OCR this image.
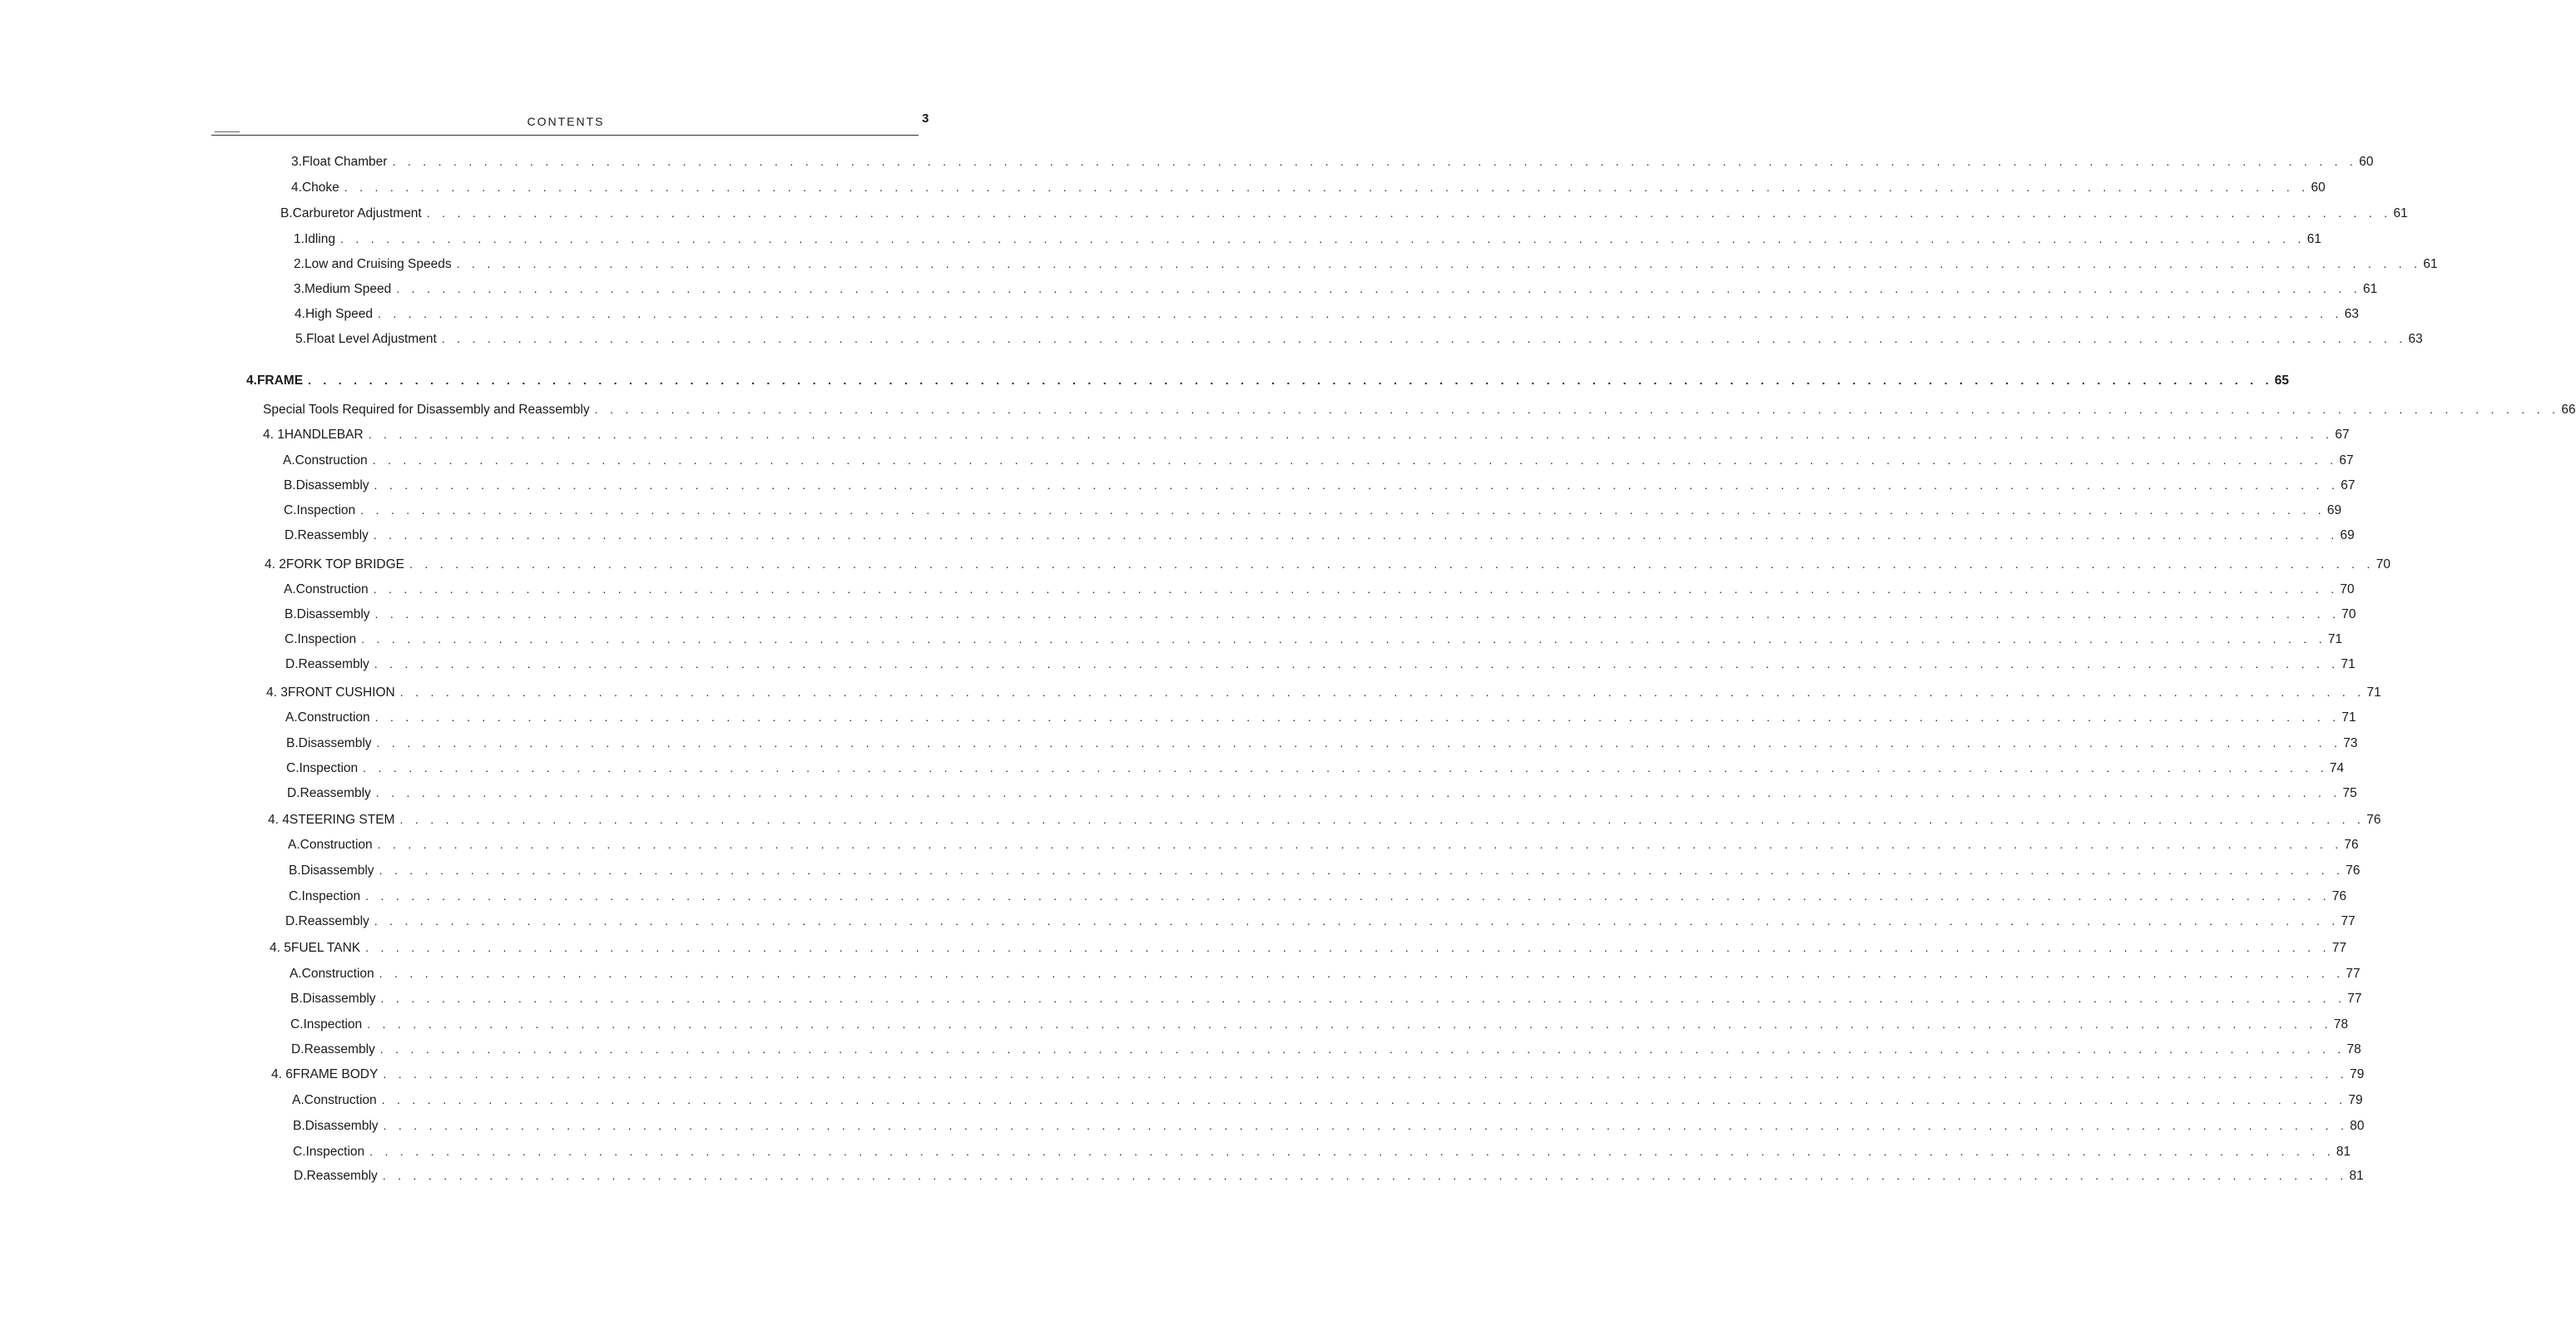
CONTENTS	3
3. Float Chamber . . . . . . . . . . . . . . . . . . . . . . . . . . . . . . . . . . . . . . . . . . . . . . . . . . . . . . . . . . . . . . . . . . . . . . . . . . . . . . . . . . . . . . . . . . . . . . . . . . . . . . . . . . . . . . . . . . . . . . . . . . . . . . . . . 60
4. Choke . . . . . . . . . . . . . . . . . . . . . . . . . . . . . . . . . . . . . . . . . . . . . . . . . . . . . . . . . . . . . . . . . . . . . . . . . . . . . . . . . . . . . . . . . . . . . . . . . . . . . . . . . . . . . . . . . . . . . . . . . . . . . . . . . 60
B. Carburetor Adjustment . . . . . . . . . . . . . . . . . . . . . . . . . . . . . . . . . . . . . . . . . . . . . . . . . . . . . . . . . . . . . . . . . . . . . . . . . . . . . . . . . . . . . . . . . . . . . . . . . . . . . . . . . . . . . . . . . . . . . . . . . . . . . . . . . 61
1. Idling . . . . . . . . . . . . . . . . . . . . . . . . . . . . . . . . . . . . . . . . . . . . . . . . . . . . . . . . . . . . . . . . . . . . . . . . . . . . . . . . . . . . . . . . . . . . . . . . . . . . . . . . . . . . . . . . . . . . . . . . . . . . . . . . . 61
2. Low and Cruising Speeds . . . . . . . . . . . . . . . . . . . . . . . . . . . . . . . . . . . . . . . . . . . . . . . . . . . . . . . . . . . . . . . . . . . . . . . . . . . . . . . . . . . . . . . . . . . . . . . . . . . . . . . . . . . . . . . . . . . . . . . . . . . . . . . . . 61
3. Medium Speed . . . . . . . . . . . . . . . . . . . . . . . . . . . . . . . . . . . . . . . . . . . . . . . . . . . . . . . . . . . . . . . . . . . . . . . . . . . . . . . . . . . . . . . . . . . . . . . . . . . . . . . . . . . . . . . . . . . . . . . . . . . . . . . . . 61
4. High Speed . . . . . . . . . . . . . . . . . . . . . . . . . . . . . . . . . . . . . . . . . . . . . . . . . . . . . . . . . . . . . . . . . . . . . . . . . . . . . . . . . . . . . . . . . . . . . . . . . . . . . . . . . . . . . . . . . . . . . . . . . . . . . . . . . 63
5. Float Level Adjustment . . . . . . . . . . . . . . . . . . . . . . . . . . . . . . . . . . . . . . . . . . . . . . . . . . . . . . . . . . . . . . . . . . . . . . . . . . . . . . . . . . . . . . . . . . . . . . . . . . . . . . . . . . . . . . . . . . . . . . . . . . . . . . . . . 63
4. FRAME . . . . . . . . . . . . . . . . . . . . . . . . . . . . . . . . . . . . . . . . . . . . . . . . . . . . . . . . . . . . . . . . . . . . . . . . . . . . . . . . . . . . . . . . . . . . . . . . . . . . . . . . . . . . . . . . . . . . . . . . . . . . . . . . . 65
Special Tools Required for Disassembly and Reassembly . . . . . . . . . . . . . . . . . . . . . . . . . . . . . . . . . . . . . . . . . . . . . . . . . . . . . . . . . . . . . . . . . . . . . . . . . . . . . . . . . . . . . . . . . . . . . . . . . . . . . . . . . . . . . . . . . . . . . . . . . . . . . . . . . 66
4. 1 HANDLEBAR . . . . . . . . . . . . . . . . . . . . . . . . . . . . . . . . . . . . . . . . . . . . . . . . . . . . . . . . . . . . . . . . . . . . . . . . . . . . . . . . . . . . . . . . . . . . . . . . . . . . . . . . . . . . . . . . . . . . . . . . . . . . . . . . . 67
A. Construction . . . . . . . . . . . . . . . . . . . . . . . . . . . . . . . . . . . . . . . . . . . . . . . . . . . . . . . . . . . . . . . . . . . . . . . . . . . . . . . . . . . . . . . . . . . . . . . . . . . . . . . . . . . . . . . . . . . . . . . . . . . . . . . . . 67
B. Disassembly . . . . . . . . . . . . . . . . . . . . . . . . . . . . . . . . . . . . . . . . . . . . . . . . . . . . . . . . . . . . . . . . . . . . . . . . . . . . . . . . . . . . . . . . . . . . . . . . . . . . . . . . . . . . . . . . . . . . . . . . . . . . . . . . . 67
C. Inspection . . . . . . . . . . . . . . . . . . . . . . . . . . . . . . . . . . . . . . . . . . . . . . . . . . . . . . . . . . . . . . . . . . . . . . . . . . . . . . . . . . . . . . . . . . . . . . . . . . . . . . . . . . . . . . . . . . . . . . . . . . . . . . . . . 69
D. Reassembly . . . . . . . . . . . . . . . . . . . . . . . . . . . . . . . . . . . . . . . . . . . . . . . . . . . . . . . . . . . . . . . . . . . . . . . . . . . . . . . . . . . . . . . . . . . . . . . . . . . . . . . . . . . . . . . . . . . . . . . . . . . . . . . . . 69
4. 2 FORK TOP BRIDGE . . . . . . . . . . . . . . . . . . . . . . . . . . . . . . . . . . . . . . . . . . . . . . . . . . . . . . . . . . . . . . . . . . . . . . . . . . . . . . . . . . . . . . . . . . . . . . . . . . . . . . . . . . . . . . . . . . . . . . . . . . . . . . . . . 70
A. Construction . . . . . . . . . . . . . . . . . . . . . . . . . . . . . . . . . . . . . . . . . . . . . . . . . . . . . . . . . . . . . . . . . . . . . . . . . . . . . . . . . . . . . . . . . . . . . . . . . . . . . . . . . . . . . . . . . . . . . . . . . . . . . . . . . 70
B. Disassembly . . . . . . . . . . . . . . . . . . . . . . . . . . . . . . . . . . . . . . . . . . . . . . . . . . . . . . . . . . . . . . . . . . . . . . . . . . . . . . . . . . . . . . . . . . . . . . . . . . . . . . . . . . . . . . . . . . . . . . . . . . . . . . . . . 70
C. Inspection . . . . . . . . . . . . . . . . . . . . . . . . . . . . . . . . . . . . . . . . . . . . . . . . . . . . . . . . . . . . . . . . . . . . . . . . . . . . . . . . . . . . . . . . . . . . . . . . . . . . . . . . . . . . . . . . . . . . . . . . . . . . . . . . . 71
D. Reassembly . . . . . . . . . . . . . . . . . . . . . . . . . . . . . . . . . . . . . . . . . . . . . . . . . . . . . . . . . . . . . . . . . . . . . . . . . . . . . . . . . . . . . . . . . . . . . . . . . . . . . . . . . . . . . . . . . . . . . . . . . . . . . . . . . 71
4. 3 FRONT CUSHION . . . . . . . . . . . . . . . . . . . . . . . . . . . . . . . . . . . . . . . . . . . . . . . . . . . . . . . . . . . . . . . . . . . . . . . . . . . . . . . . . . . . . . . . . . . . . . . . . . . . . . . . . . . . . . . . . . . . . . . . . . . . . . . . . 71
A. Construction . . . . . . . . . . . . . . . . . . . . . . . . . . . . . . . . . . . . . . . . . . . . . . . . . . . . . . . . . . . . . . . . . . . . . . . . . . . . . . . . . . . . . . . . . . . . . . . . . . . . . . . . . . . . . . . . . . . . . . . . . . . . . . . . . 71
B. Disassembly . . . . . . . . . . . . . . . . . . . . . . . . . . . . . . . . . . . . . . . . . . . . . . . . . . . . . . . . . . . . . . . . . . . . . . . . . . . . . . . . . . . . . . . . . . . . . . . . . . . . . . . . . . . . . . . . . . . . . . . . . . . . . . . . . 73
C. Inspection . . . . . . . . . . . . . . . . . . . . . . . . . . . . . . . . . . . . . . . . . . . . . . . . . . . . . . . . . . . . . . . . . . . . . . . . . . . . . . . . . . . . . . . . . . . . . . . . . . . . . . . . . . . . . . . . . . . . . . . . . . . . . . . . . 74
D. Reassembly . . . . . . . . . . . . . . . . . . . . . . . . . . . . . . . . . . . . . . . . . . . . . . . . . . . . . . . . . . . . . . . . . . . . . . . . . . . . . . . . . . . . . . . . . . . . . . . . . . . . . . . . . . . . . . . . . . . . . . . . . . . . . . . . . 75
4. 4 STEERING STEM . . . . . . . . . . . . . . . . . . . . . . . . . . . . . . . . . . . . . . . . . . . . . . . . . . . . . . . . . . . . . . . . . . . . . . . . . . . . . . . . . . . . . . . . . . . . . . . . . . . . . . . . . . . . . . . . . . . . . . . . . . . . . . . . . 76
A. Construction . . . . . . . . . . . . . . . . . . . . . . . . . . . . . . . . . . . . . . . . . . . . . . . . . . . . . . . . . . . . . . . . . . . . . . . . . . . . . . . . . . . . . . . . . . . . . . . . . . . . . . . . . . . . . . . . . . . . . . . . . . . . . . . . . 76
B. Disassembly . . . . . . . . . . . . . . . . . . . . . . . . . . . . . . . . . . . . . . . . . . . . . . . . . . . . . . . . . . . . . . . . . . . . . . . . . . . . . . . . . . . . . . . . . . . . . . . . . . . . . . . . . . . . . . . . . . . . . . . . . . . . . . . . . 76
C. Inspection . . . . . . . . . . . . . . . . . . . . . . . . . . . . . . . . . . . . . . . . . . . . . . . . . . . . . . . . . . . . . . . . . . . . . . . . . . . . . . . . . . . . . . . . . . . . . . . . . . . . . . . . . . . . . . . . . . . . . . . . . . . . . . . . . 76
D. Reassembly . . . . . . . . . . . . . . . . . . . . . . . . . . . . . . . . . . . . . . . . . . . . . . . . . . . . . . . . . . . . . . . . . . . . . . . . . . . . . . . . . . . . . . . . . . . . . . . . . . . . . . . . . . . . . . . . . . . . . . . . . . . . . . . . . 77
4. 5 FUEL TANK . . . . . . . . . . . . . . . . . . . . . . . . . . . . . . . . . . . . . . . . . . . . . . . . . . . . . . . . . . . . . . . . . . . . . . . . . . . . . . . . . . . . . . . . . . . . . . . . . . . . . . . . . . . . . . . . . . . . . . . . . . . . . . . . . 77
A. Construction . . . . . . . . . . . . . . . . . . . . . . . . . . . . . . . . . . . . . . . . . . . . . . . . . . . . . . . . . . . . . . . . . . . . . . . . . . . . . . . . . . . . . . . . . . . . . . . . . . . . . . . . . . . . . . . . . . . . . . . . . . . . . . . . . 77
B. Disassembly . . . . . . . . . . . . . . . . . . . . . . . . . . . . . . . . . . . . . . . . . . . . . . . . . . . . . . . . . . . . . . . . . . . . . . . . . . . . . . . . . . . . . . . . . . . . . . . . . . . . . . . . . . . . . . . . . . . . . . . . . . . . . . . . . 77
C. Inspection . . . . . . . . . . . . . . . . . . . . . . . . . . . . . . . . . . . . . . . . . . . . . . . . . . . . . . . . . . . . . . . . . . . . . . . . . . . . . . . . . . . . . . . . . . . . . . . . . . . . . . . . . . . . . . . . . . . . . . . . . . . . . . . . . 78
D. Reassembly . . . . . . . . . . . . . . . . . . . . . . . . . . . . . . . . . . . . . . . . . . . . . . . . . . . . . . . . . . . . . . . . . . . . . . . . . . . . . . . . . . . . . . . . . . . . . . . . . . . . . . . . . . . . . . . . . . . . . . . . . . . . . . . . . 78
4. 6 FRAME BODY . . . . . . . . . . . . . . . . . . . . . . . . . . . . . . . . . . . . . . . . . . . . . . . . . . . . . . . . . . . . . . . . . . . . . . . . . . . . . . . . . . . . . . . . . . . . . . . . . . . . . . . . . . . . . . . . . . . . . . . . . . . . . . . . . 79
A. Construction . . . . . . . . . . . . . . . . . . . . . . . . . . . . . . . . . . . . . . . . . . . . . . . . . . . . . . . . . . . . . . . . . . . . . . . . . . . . . . . . . . . . . . . . . . . . . . . . . . . . . . . . . . . . . . . . . . . . . . . . . . . . . . . . . 79
B. Disassembly . . . . . . . . . . . . . . . . . . . . . . . . . . . . . . . . . . . . . . . . . . . . . . . . . . . . . . . . . . . . . . . . . . . . . . . . . . . . . . . . . . . . . . . . . . . . . . . . . . . . . . . . . . . . . . . . . . . . . . . . . . . . . . . . . 80
C. Inspection . . . . . . . . . . . . . . . . . . . . . . . . . . . . . . . . . . . . . . . . . . . . . . . . . . . . . . . . . . . . . . . . . . . . . . . . . . . . . . . . . . . . . . . . . . . . . . . . . . . . . . . . . . . . . . . . . . . . . . . . . . . . . . . . . 81
D. Reassembly . . . . . . . . . . . . . . . . . . . . . . . . . . . . . . . . . . . . . . . . . . . . . . . . . . . . . . . . . . . . . . . . . . . . . . . . . . . . . . . . . . . . . . . . . . . . . . . . . . . . . . . . . . . . . . . . . . . . . . . . . . . . . . . . . 81
